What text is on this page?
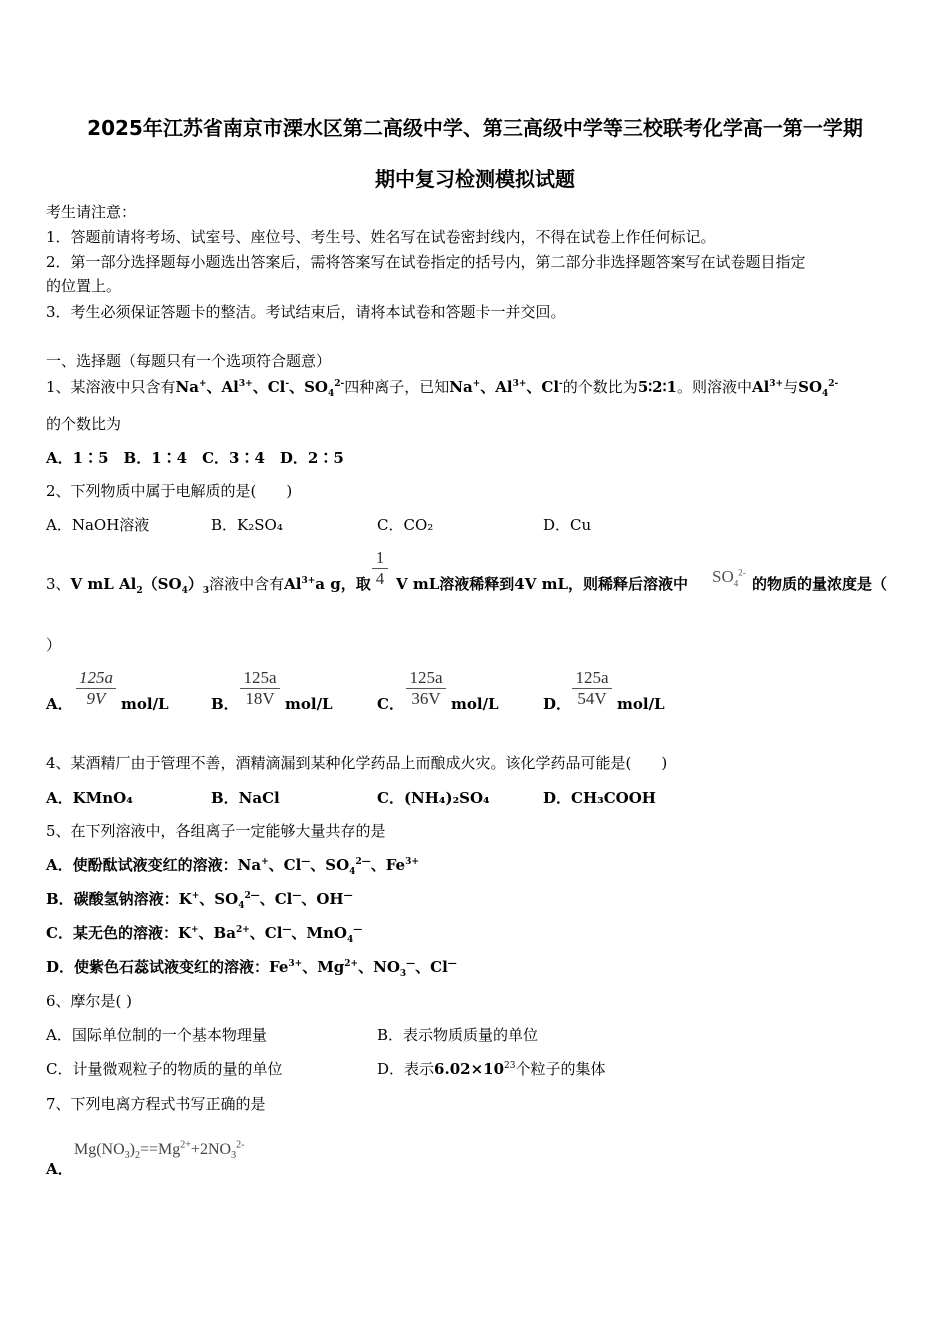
2025年江苏省南京市溧水区第二高级中学、第三高级中学等三校联考化学高一第一学期
期中复习检测模拟试题
考生请注意：
1．答题前请将考场、试室号、座位号、考生号、姓名写在试卷密封线内，不得在试卷上作任何标记。
2．第一部分选择题每小题选出答案后，需将答案写在试卷指定的括号内，第二部分非选择题答案写在试卷题目指定
的位置上。
3．考生必须保证答题卡的整洁。考试结束后，请将本试卷和答题卡一并交回。
一、选择题（每题只有一个选项符合题意）
1、某溶液中只含有Na+、$Al^{3+}$、Cl-、$SO_4^{2-}$四种离子，已知Na+、$Al^{3+}$、Cl-的个数比为5∶2∶1。则溶液中$Al^{3+}$与$SO_4^{2-}$
的个数比为
A．1∶5　B．1∶4　C．3∶4　D．2∶5
2、下列物质中属于电解质的是(　　)
A．NaOH溶液	B．K₂SO₄	C．CO₂	D．Cu
3、V mL $Al_2(SO_4)_3$溶液中含有$Al^{3+}a$ g，取
1
4 V mL溶液稀释到4V mL，则稀释后溶液中 $SO_4^{2-}$
的物质的量浓度是（
）
A．
125a
9V	mol/L	B．
125a
18V mol/L	C．
125a
36V mol/L	D．
125a
54V mol/L
4、某酒精厂由于管理不善，酒精滴漏到某种化学药品上而酿成火灾。该化学药品可能是(　　)
A．KMnO₄	B．NaCl	C．(NH₄)₂SO₄	D．CH₃COOH
5、在下列溶液中，各组离子一定能够大量共存的是
A．使酚酞试液变红的溶液：Na+、Cl—、$SO_4^{2—}$、$Fe^{3+}$
B．碳酸氢钠溶液：K+、$SO_4^{2—}$、Cl—、OH—
C．某无色的溶液：K+、$Ba^{2+}$、Cl—、MnO$_4$—
D．使紫色石蕊试液变红的溶液：$Fe^{3+}$、$Mg^{2+}$、$NO_3^—$、Cl—
6、摩尔是( )
A．国际单位制的一个基本物理量	B．表示物质质量的单位
C．计量微观粒子的物质的量的单位	D．表示$6.02\times 10^{23}$个粒子的集体
7、下列电离方程式书写正确的是
$Mg(NO_3)_2==Mg^{2+}+2NO_3^{2-}$
A．
